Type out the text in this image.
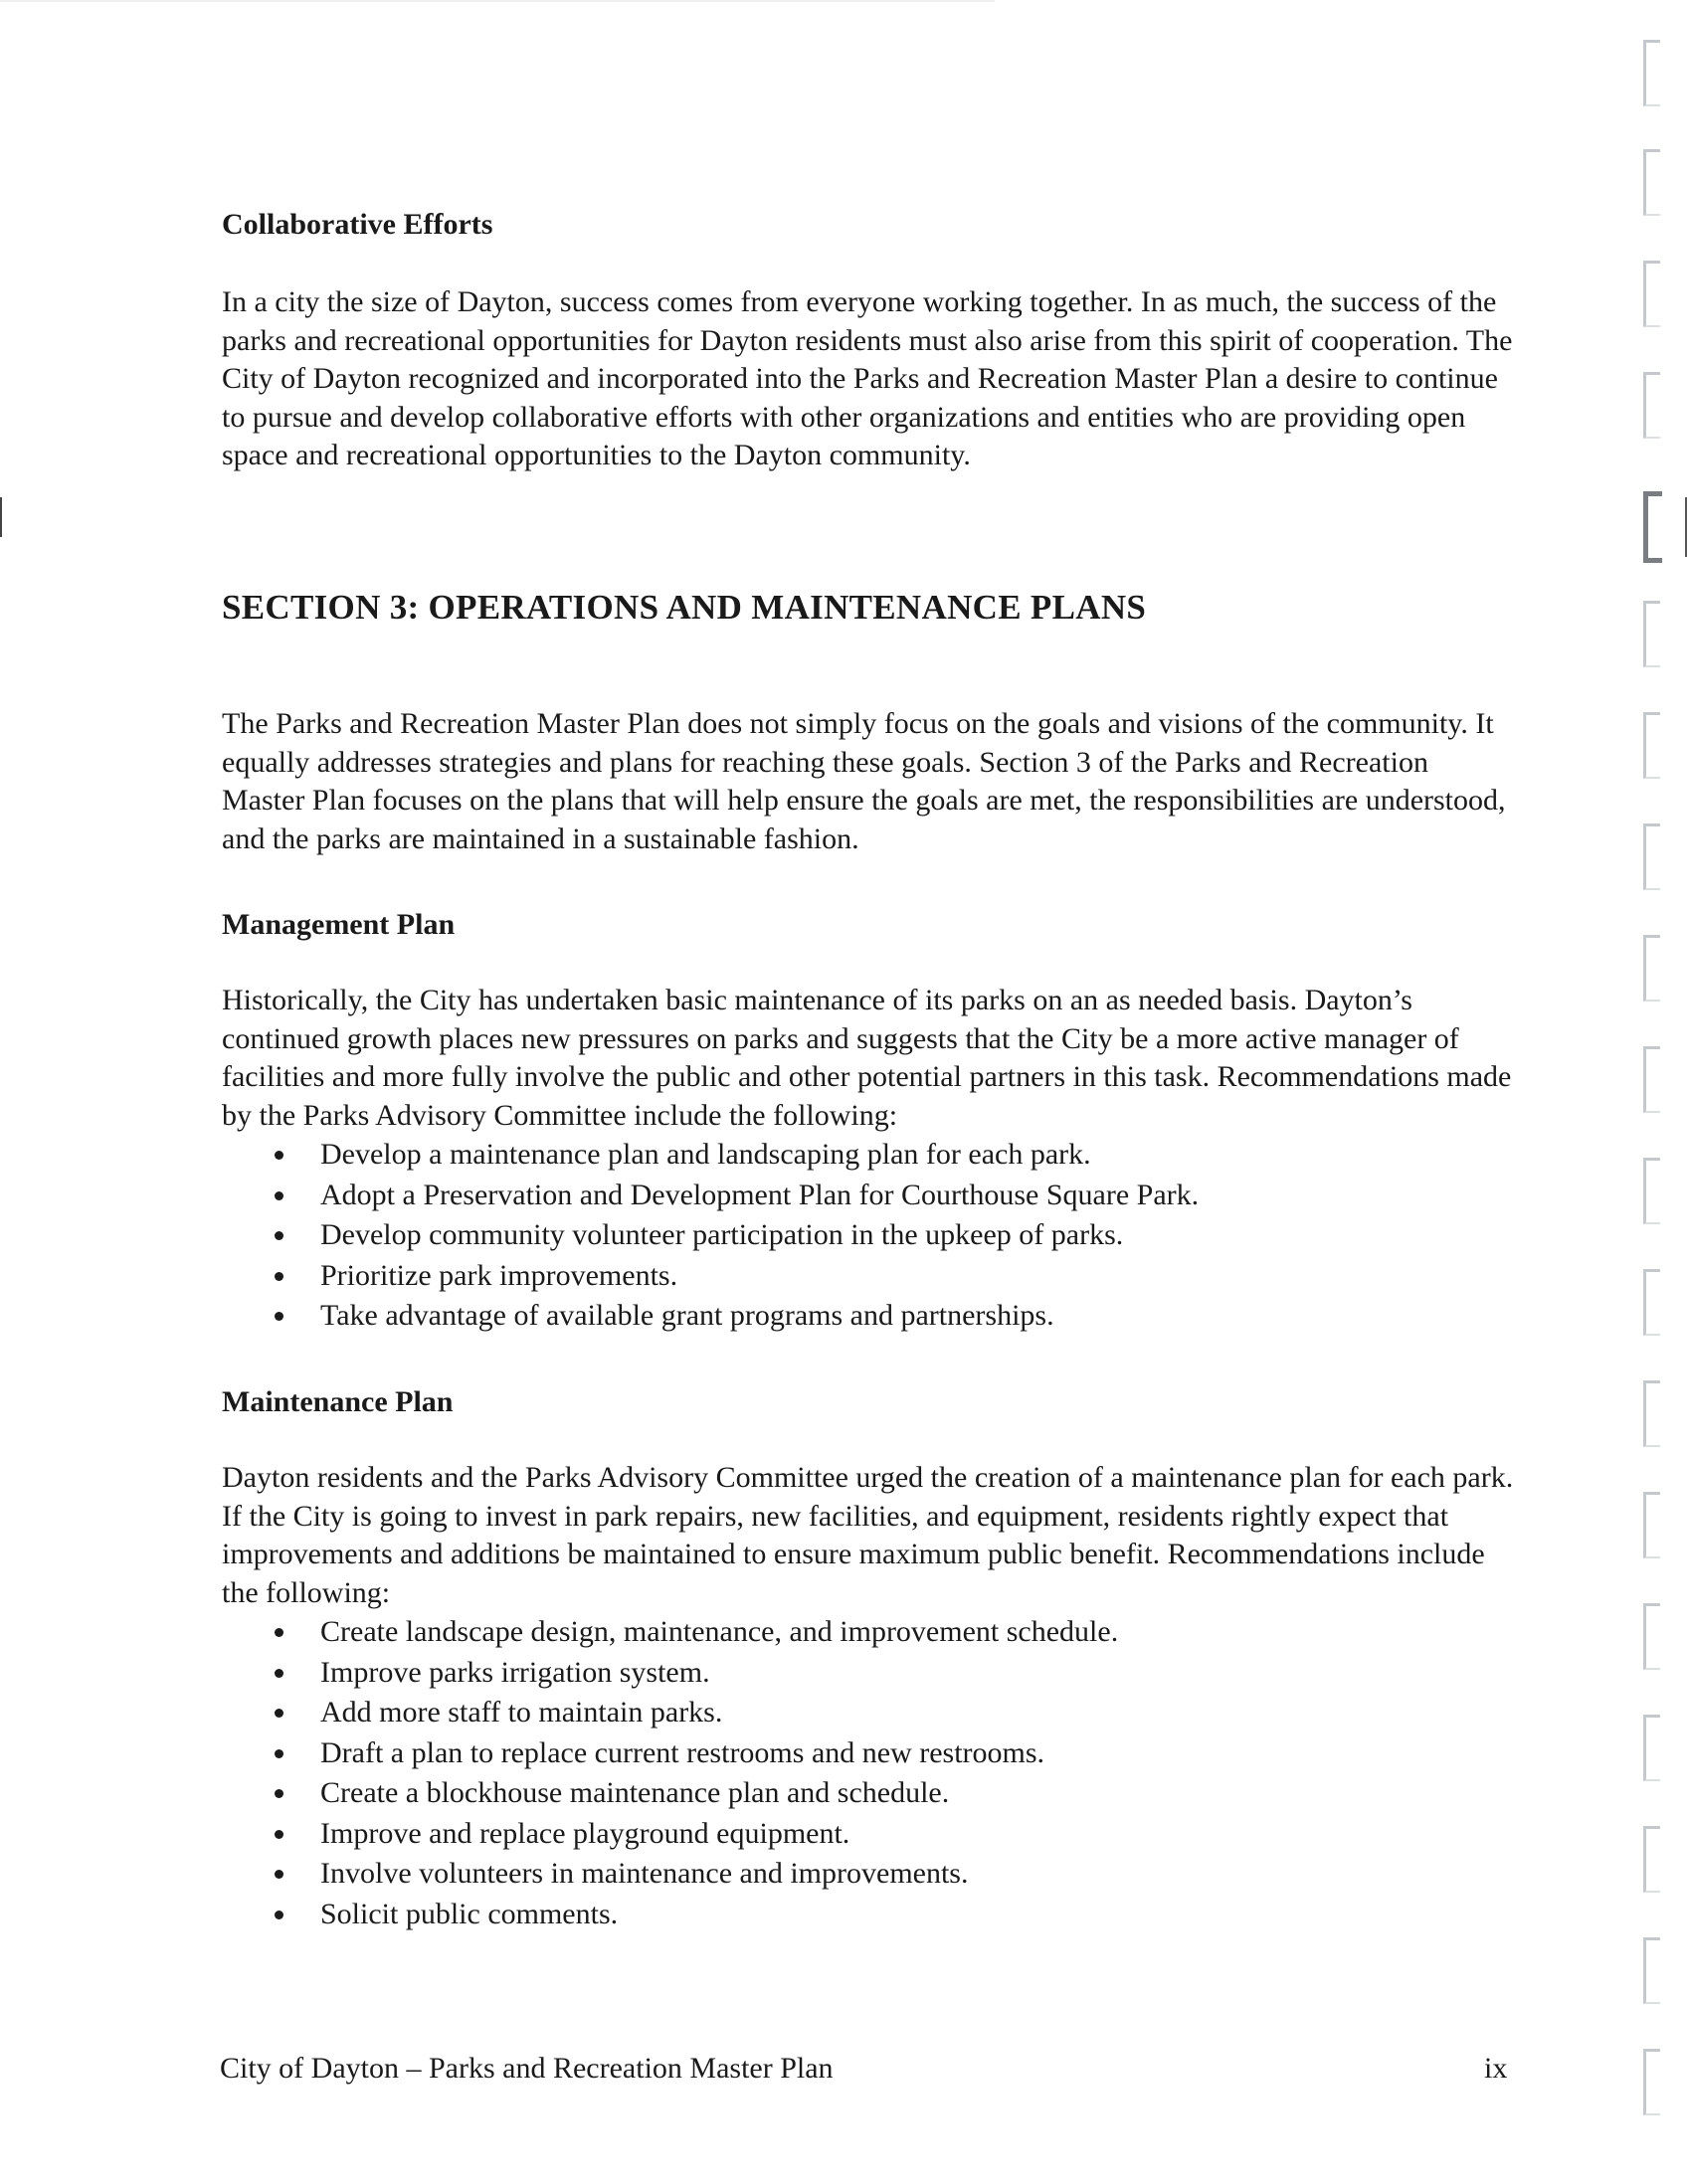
Collaborative Efforts

In a city the size of Dayton, success comes from everyone working together. In as much, the success of the parks and recreational opportunities for Dayton residents must also arise from this spirit of cooperation. The City of Dayton recognized and incorporated into the Parks and Recreation Master Plan a desire to continue to pursue and develop collaborative efforts with other organizations and entities who are providing open space and recreational opportunities to the Dayton community.

SECTION 3: OPERATIONS AND MAINTENANCE PLANS

The Parks and Recreation Master Plan does not simply focus on the goals and visions of the community. It equally addresses strategies and plans for reaching these goals. Section 3 of the Parks and Recreation Master Plan focuses on the plans that will help ensure the goals are met, the responsibilities are understood, and the parks are maintained in a sustainable fashion.

Management Plan

Historically, the City has undertaken basic maintenance of its parks on an as needed basis. Dayton’s continued growth places new pressures on parks and suggests that the City be a more active manager of facilities and more fully involve the public and other potential partners in this task. Recommendations made by the Parks Advisory Committee include the following:

Develop a maintenance plan and landscaping plan for each park.
Adopt a Preservation and Development Plan for Courthouse Square Park.
Develop community volunteer participation in the upkeep of parks.
Prioritize park improvements.
Take advantage of available grant programs and partnerships.
Maintenance Plan

Dayton residents and the Parks Advisory Committee urged the creation of a maintenance plan for each park. If the City is going to invest in park repairs, new facilities, and equipment, residents rightly expect that improvements and additions be maintained to ensure maximum public benefit. Recommendations include the following:

Create landscape design, maintenance, and improvement schedule.
Improve parks irrigation system.
Add more staff to maintain parks.
Draft a plan to replace current restrooms and new restrooms.
Create a blockhouse maintenance plan and schedule.
Improve and replace playground equipment.
Involve volunteers in maintenance and improvements.
Solicit public comments.
City of Dayton – Parks and Recreation Master Plan	ix
